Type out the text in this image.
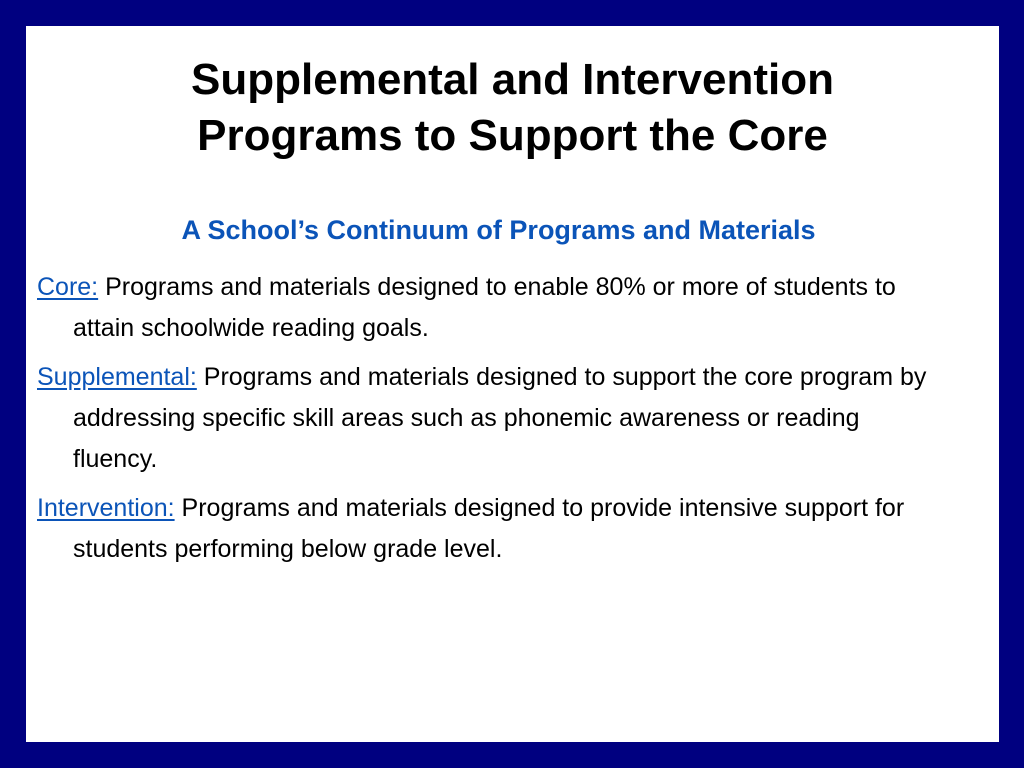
Supplemental and Intervention
Programs to Support the Core
A School’s Continuum of Programs and Materials
Core: Programs and materials designed to enable 80% or more of students to attain schoolwide reading goals.
Supplemental: Programs and materials designed to support the core program by addressing specific skill areas such as phonemic awareness or reading fluency.
Intervention: Programs and materials designed to provide intensive support for students performing below grade level.
